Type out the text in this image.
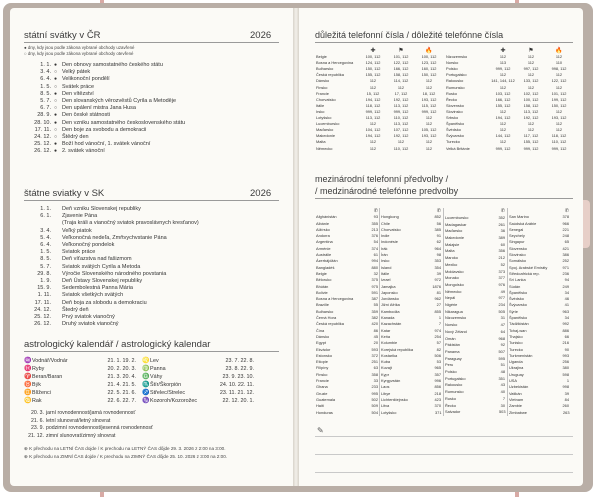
státní svátky v ČR	2026
● dny, kdy jsou podle zákona vybrané obchody uzavřené
○ dny, kdy jsou podle zákona vybrané obchody otevřené
1. 1. ● Den obnovy samostatného českého státu
3. 4. ○ Velký pátek
6. 4. ● Velikonoční pondělí
1. 5. ○ Svátek práce
8. 5. ● Den vítězství
5. 7. ○ Den slovanských věrozvěstů Cyrila a Metoděje
6. 7. ○ Den upálení mistra Jana Husa
28. 9. ● Den české státnosti
28. 10. ● Den vzniku samostatného československého státu
17. 11. ○ Den boje za svobodu a demokracii
24. 12. ○ Štědrý den
25. 12. ● Boží hod vánoční, 1. svátek vánoční
26. 12. ● 2. svátek vánoční
štátne sviatky v SK	2026
1. 1. Deň vzniku Slovenskej republiky
6. 1. Zjavenie Pána
(Traja králi a vianočný sviatok pravoslávnych kresťanov)
3. 4. Veľký piatok
5. 4. Veľkonočná nedeľa, Zmŕtvychvstanie Pána
6. 4. Veľkonočný pondelok
1. 5. Sviatok práce
8. 5. Deň víťazstva nad fašizmom
5. 7. Sviatok svätých Cyrila a Metoda
29. 8. Výročie Slovenského národného povstania
1. 9. Deň Ústavy Slovenskej republiky
15. 9. Sedembolestná Panna Mária
1. 11. Sviatok všetkých svätých
17. 11. Deň boja za slobodu a demokraciu
24. 12. Štedrý deň
25. 12. Prvý sviatok vianočný
26. 12. Druhý sviatok vianočný
astrologický kalendář / astrologický kalendar
♒Vodnář/Vodnár	21. 1. 19. 2. ♌Lev	23. 7. 22. 8.
♓Ryby	20. 2. 20. 3. ♍Panna	23. 8. 22. 9.
♈Beran/Baran	21. 3. 20. 4. ♎Váhy	23. 9. 23. 10.
♉Býk	21. 4. 21. 5. ♏Štír/Škorpión	24. 10. 22. 11.
♊Blíženci	22. 5. 21. 6. ♐Střelec/Strelec	23. 11. 21. 12.
♋Rak	22. 6. 22. 7. ♑Kozoroh/Kozorožec	22. 12. 20. 1.
20. 3. jarní rovnodennost/jarná rovnodennosť
21. 6. letní slunovrat/letný slnovrat
23. 9. podzimní rovnodennost/jesenná rovnodennosť
21. 12. zimní slunovrat/zimný slnovrat
⊕ K přechodu na LETNÍ ČAS dojde / K prechodu na LETNÝ ČAS dôjde 29. 3. 2026 z 2:00 na 3:00.
⊕ K přechodu na ZIMNÍ ČAS dojde / K prechodu na ZIMNÝ ČAS dôjde 25. 10. 2026 z 3:00 na 2:00.
důležitá telefonní čísla / dôležité telefónne čísla
	✚	⚑	🔥
Belgie	100, 112	101, 112	100, 112
Bosna a Hercegovina	124, 112	122, 112	123, 112
Bulharsko	150, 112	166, 112	160, 112
Česká republika	155, 112	158, 112	150, 112
Dánsko	112	114, 112	112
Finsko	112	112	112
Francie	15, 112	17, 112	18, 112
Chorvatsko	194, 112	192, 112	193, 112
Itálie	118, 112	113, 112	115, 112
Irsko	999, 112	999, 112	999, 112
Lotyšsko	113, 112	110, 112	112
Lucembursko	112	113, 112	112
Maďarsko	104, 112	107, 112	105, 112
Makedonie	194, 112	192, 112	193, 112
Malta	112	112	112
Německo	112	110, 112	112
	✚	⚑	🔥
Nizozemsko	112	112	112
Norsko	113	112	110
Polsko	999, 112	997, 112	998, 112
Portugalsko	112	112	112
Rakousko	141, 144, 112	133, 112	122, 112
Rumunsko	112	112	112
Rusko	103, 112	102, 112	101, 112
Řecko	166, 112	100, 112	199, 112
Slovensko	155, 112	158, 112	150, 112
Slovinsko	112	113, 112	112
Srbsko	194, 112	192, 112	193, 112
Španělsko	112	112	112
Švédsko	112	112	112
Švýcarsko	144, 112	117, 112	118, 112
Turecko	112	155, 112	110, 112
Velká Británie	999, 112	999, 112	999, 112
mezinárodní telefonní předvolby /
/ medzinárodné telefónne predvolby
	✆
Afghánistán	93
Albánie	355
Alžírsko	213
Andorra	376
Argentina	54
Arménie	374
Austrálie	61
Ázerbájdžán	994
Bangladéš	880
Belgie	32
Běloruko	375
Bhútán	975
Bolívie	591
Bosna a Hercegovina	387
Brazílie	55
Bulharsko	359
Černá Hora	382
Česká republika	420
Čína	86
Dánsko	45
Egypt	20
Ekvádor	593
Estonsko	372
Etiopie	251
Filipíny	63
Finsko	358
Francie	33
Ghana	233
Gruzie	995
Guatemala	502
Haiti	509
Honduras	504
	✆
Hongkong	852
Chile	56
Chorvatsko	385
Indie	91
Indonésie	62
Irák	964
Írán	98
Irsko	353
Island	354
Itálie	39
Izrael	972
Jamajka	1876
Japonsko	81
Jordánsko	962
Jižní Afrika	27
Kambodža	855
Kanada	1
Kazachstán	7
Katar	974
Keňa	254
Kolumbie	57
Korejská republika	82
Kostarika	506
Kuba	53
Kuvajt	965
Kypr	357
Kyrgyzstán	996
Laos	856
Libye	218
Lichtenštejnsko	423
Litva	370
Lotyšsko	371
	✆
Lucembursko	352
Madagaskar	261
Maďarsko	36
Makedonie	389
Malajsie	60
Malta	356
Maroko	212
Mexiko	52
Moldavsko	373
Monako	377
Mongolsko	976
Německo	49
Nepál	977
Nigérie	234
Nikaragua	505
Nizozemsko	31
Norsko	47
Nový Zéland	64
Omán	968
Pákistán	92
Panama	507
Paraguay	595
Peru	51
Polsko	48
Portugalsko	351
Rakousko	43
Rumunsko	40
Rusko	7
Řecko	30
Salvador	503
	✆
San Marino	378
Saúdská Arábie	966
Senegal	221
Seychely	248
Singapur	65
Slovensko	421
Slovinsko	386
Somálsko	252
Spoj. Arabské Emiráty	971
Středoafrická rep.	236
Srí Lanka	94
Súdán	249
Španělsko	34
Švédsko	46
Švýcarsko	41
Sýrie	963
Španělsko	34
Tádžikistán	992
Tchaj-wan	886
Thajsko	66
Tunisko	216
Turecko	90
Turkmenistán	993
Uganda	256
Ukrajina	380
Uruguay	598
USA	1
Uzbekistán	998
Vatikán	39
Vietnam	84
Zambie	260
Zimbabwe	263
✎
